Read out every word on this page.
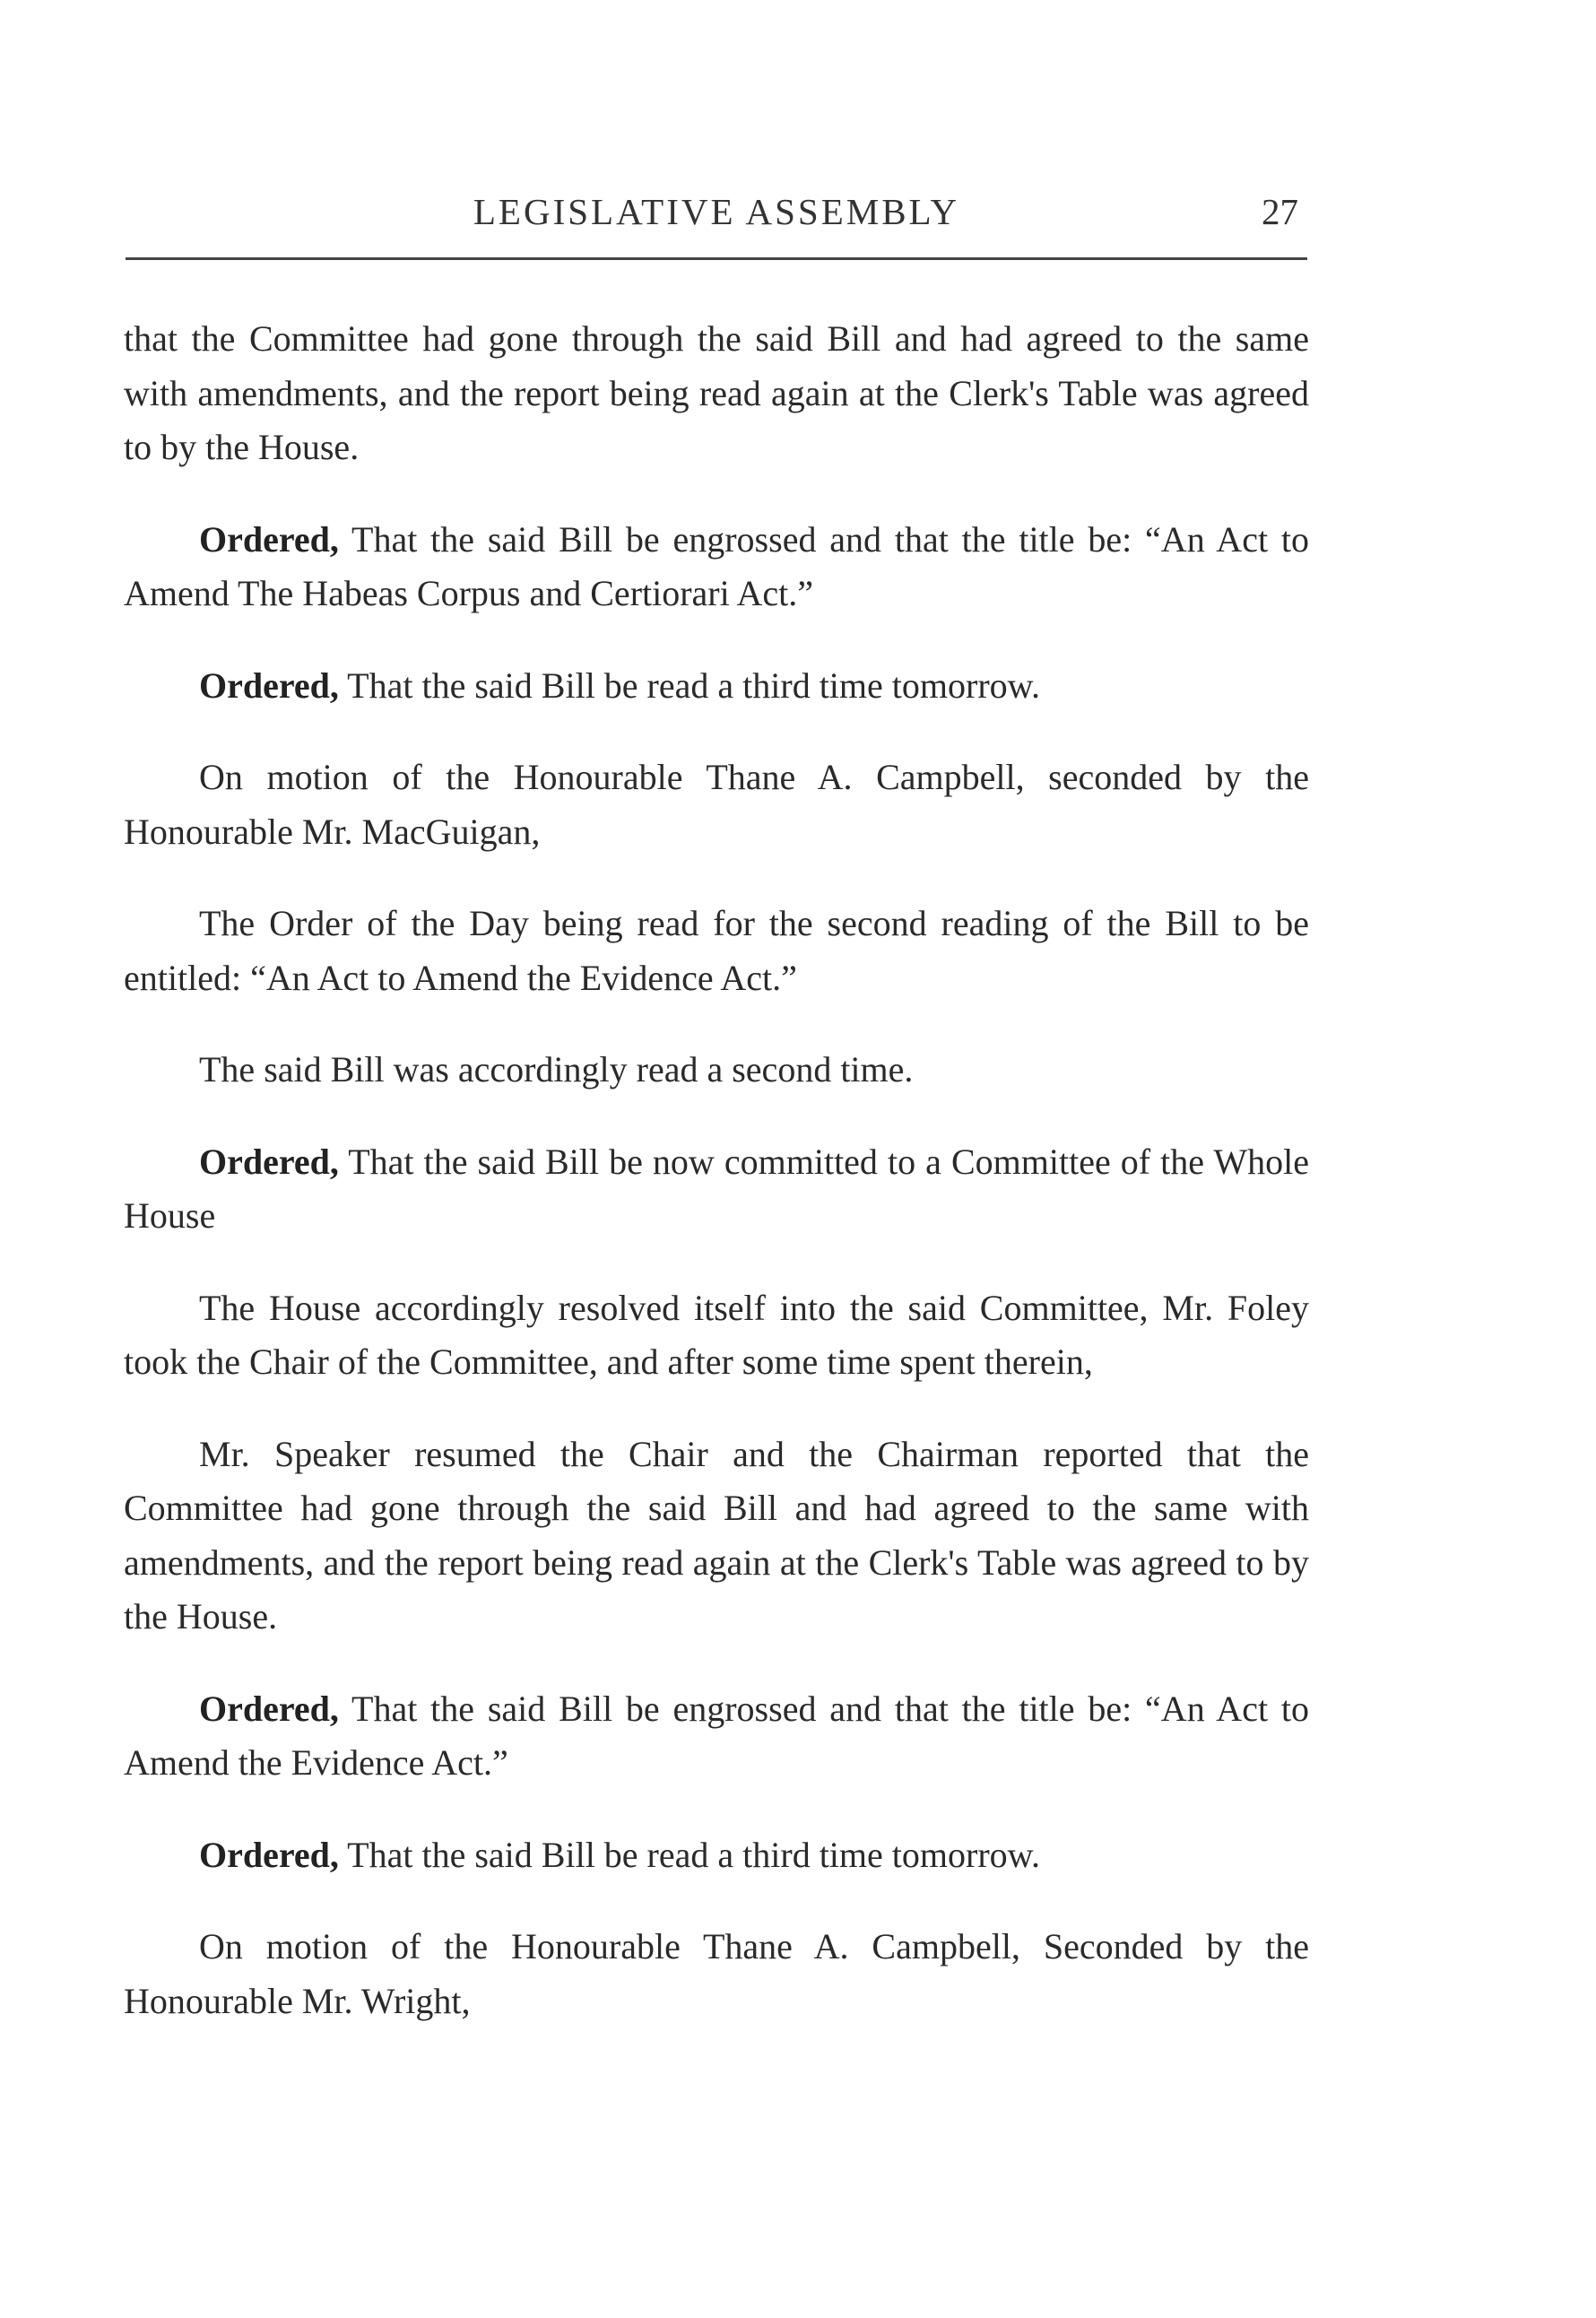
LEGISLATIVE ASSEMBLY	27

that the Committee had gone through the said Bill and had agreed to the same with amendments, and the report being read again at the Clerk's Table was agreed to by the House.

Ordered, That the said Bill be engrossed and that the title be: “An Act to Amend The Habeas Corpus and Certiorari Act.”

Ordered, That the said Bill be read a third time tomorrow.

On motion of the Honourable Thane A. Campbell, seconded by the Honourable Mr. MacGuigan,

The Order of the Day being read for the second reading of the Bill to be entitled: “An Act to Amend the Evidence Act.”

The said Bill was accordingly read a second time.

Ordered, That the said Bill be now committed to a Committee of the Whole House

The House accordingly resolved itself into the said Committee, Mr. Foley took the Chair of the Committee, and after some time spent therein,

Mr. Speaker resumed the Chair and the Chairman reported that the Committee had gone through the said Bill and had agreed to the same with amendments, and the report being read again at the Clerk's Table was agreed to by the House.

Ordered, That the said Bill be engrossed and that the title be: “An Act to Amend the Evidence Act.”

Ordered, That the said Bill be read a third time tomorrow.

On motion of the Honourable Thane A. Campbell, Seconded by the Honourable Mr. Wright,
